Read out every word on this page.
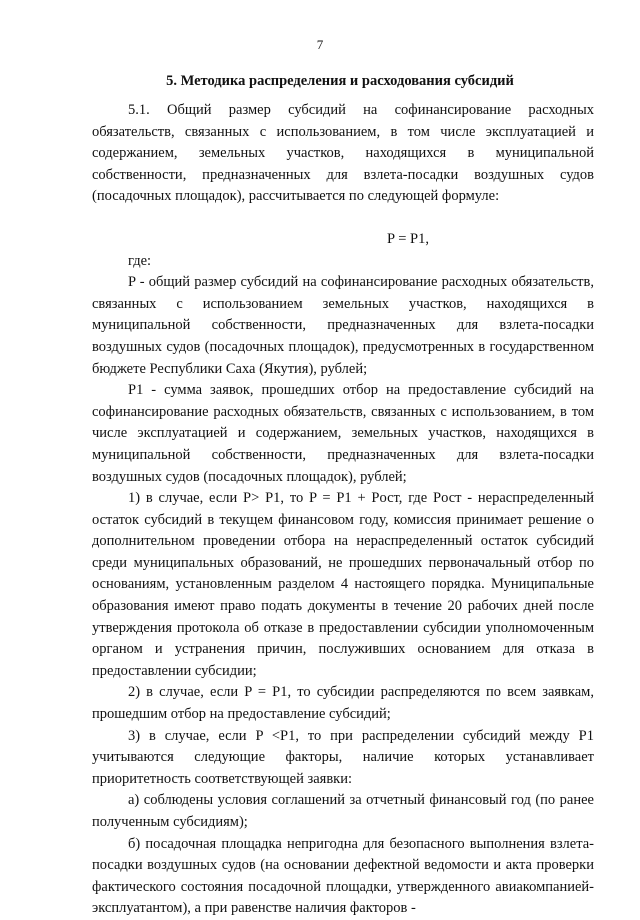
7
5. Методика распределения и расходования субсидий

5.1. Общий размер субсидий на софинансирование расходных обязательств, связанных с использованием, в том числе эксплуатацией и содержанием, земельных участков, находящихся в муниципальной собственности, предназначенных для взлета-посадки воздушных судов (посадочных площадок), рассчитывается по следующей формуле:

P = P1,

где:

P - общий размер субсидий на софинансирование расходных обязательств, связанных с использованием земельных участков, находящихся в муниципальной собственности, предназначенных для взлета-посадки воздушных судов (посадочных площадок), предусмотренных в государственном бюджете Республики Саха (Якутия), рублей;

P1 - сумма заявок, прошедших отбор на предоставление субсидий на софинансирование расходных обязательств, связанных с использованием, в том числе эксплуатацией и содержанием, земельных участков, находящихся в муниципальной собственности, предназначенных для взлета-посадки воздушных судов (посадочных площадок), рублей;

1) в случае, если P> P1, то P = P1 + Pост, где Pост - нераспределенный остаток субсидий в текущем финансовом году, комиссия принимает решение о дополнительном проведении отбора на нераспределенный остаток субсидий среди муниципальных образований, не прошедших первоначальный отбор по основаниям, установленным разделом 4 настоящего порядка. Муниципальные образования имеют право подать документы в течение 20 рабочих дней после утверждения протокола об отказе в предоставлении субсидии уполномоченным органом и устранения причин, послуживших основанием для отказа в предоставлении субсидии;

2) в случае, если P = P1, то субсидии распределяются по всем заявкам, прошедшим отбор на предоставление субсидий;

3) в случае, если P <P1, то при распределении субсидий между P1 учитываются следующие факторы, наличие которых устанавливает приоритетность соответствующей заявки:

а) соблюдены условия соглашений за отчетный финансовый год (по ранее полученным субсидиям);

б) посадочная площадка непригодна для безопасного выполнения взлета-посадки воздушных судов (на основании дефектной ведомости и акта проверки фактического состояния посадочной площадки, утвержденного авиакомпанией-эксплуатантом), а при равенстве наличия факторов -
